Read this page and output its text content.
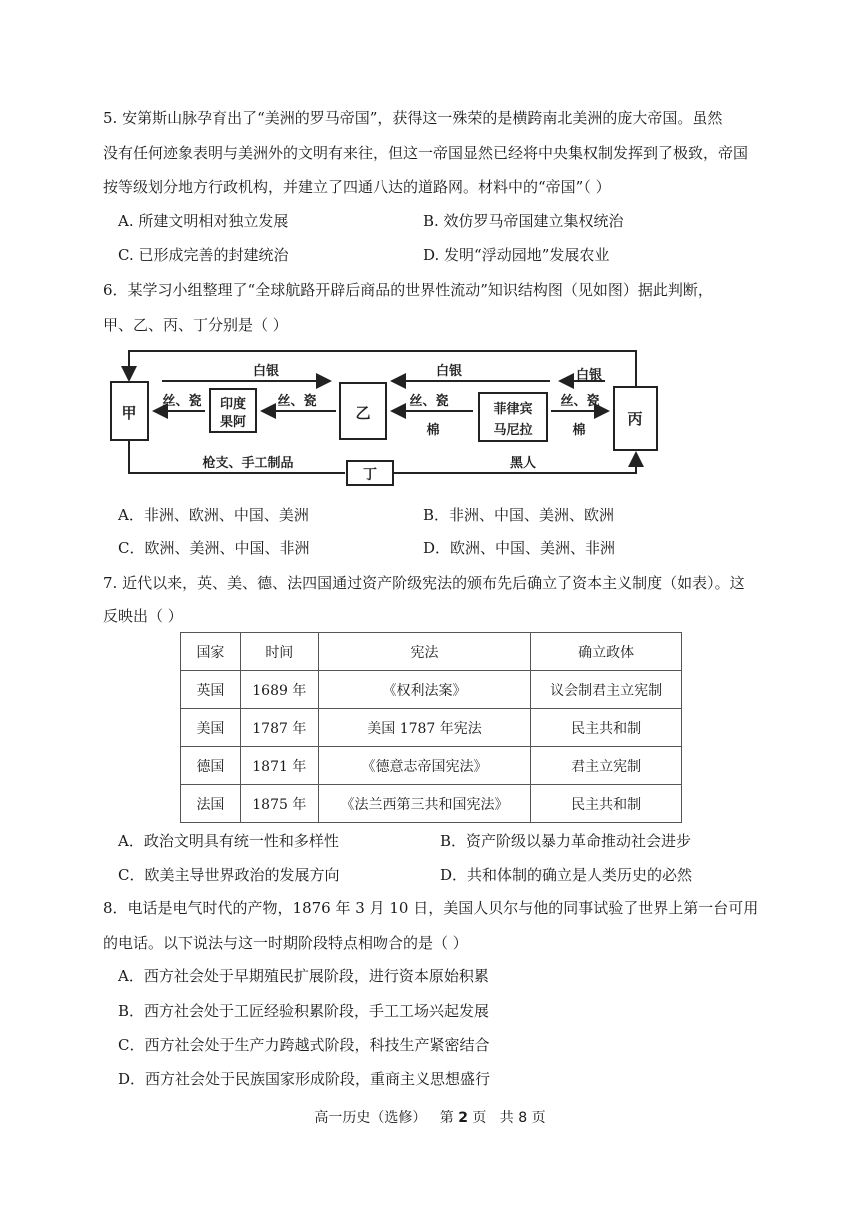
5. 安第斯山脉孕育出了“美洲的罗马帝国”，获得这一殊荣的是横跨南北美洲的庞大帝国。虽然
没有任何迹象表明与美洲外的文明有来往，但这一帝国显然已经将中央集权制发挥到了极致，帝国
按等级划分地方行政机构，并建立了四通八达的道路网。材料中的“帝国”（ ）
A. 所建文明相对独立发展	B. 效仿罗马帝国建立集权统治
C. 已形成完善的封建统治	D. 发明“浮动园地”发展农业
6．某学习小组整理了“全球航路开辟后商品的世界性流动”知识结构图（见如图）据此判断，
甲、乙、丙、丁分别是（ ）
甲	印度
果阿
乙	菲律宾
马尼拉
丙
丁
白银	白银	白银
丝、瓷	丝、瓷	丝、瓷	丝、瓷
棉	棉
枪支、手工制品	黑人
A．非洲、欧洲、中国、美洲	B．非洲、中国、美洲、欧洲
C．欧洲、美洲、中国、非洲	D．欧洲、中国、美洲、非洲
7. 近代以来，英、美、德、法四国通过资产阶级宪法的颁布先后确立了资本主义制度（如表）。这
反映出（ ）
国家	时间	宪法	确立政体
英国	1689 年	《权利法案》	议会制君主立宪制
美国	1787 年	美国 1787 年宪法	民主共和制
德国	1871 年	《德意志帝国宪法》	君主立宪制
法国	1875 年	《法兰西第三共和国宪法》	民主共和制
A．政治文明具有统一性和多样性	B．资产阶级以暴力革命推动社会进步
C．欧美主导世界政治的发展方向	D．共和体制的确立是人类历史的必然
8．电话是电气时代的产物，1876 年 3 月 10 日，美国人贝尔与他的同事试验了世界上第一台可用
的电话。以下说法与这一时期阶段特点相吻合的是（ ）
A．西方社会处于早期殖民扩展阶段，进行资本原始积累
B．西方社会处于工匠经验积累阶段，手工工场兴起发展
C．西方社会处于生产力跨越式阶段，科技生产紧密结合
D．西方社会处于民族国家形成阶段，重商主义思想盛行
高一历史（选修） 第 2 页 共 8 页
